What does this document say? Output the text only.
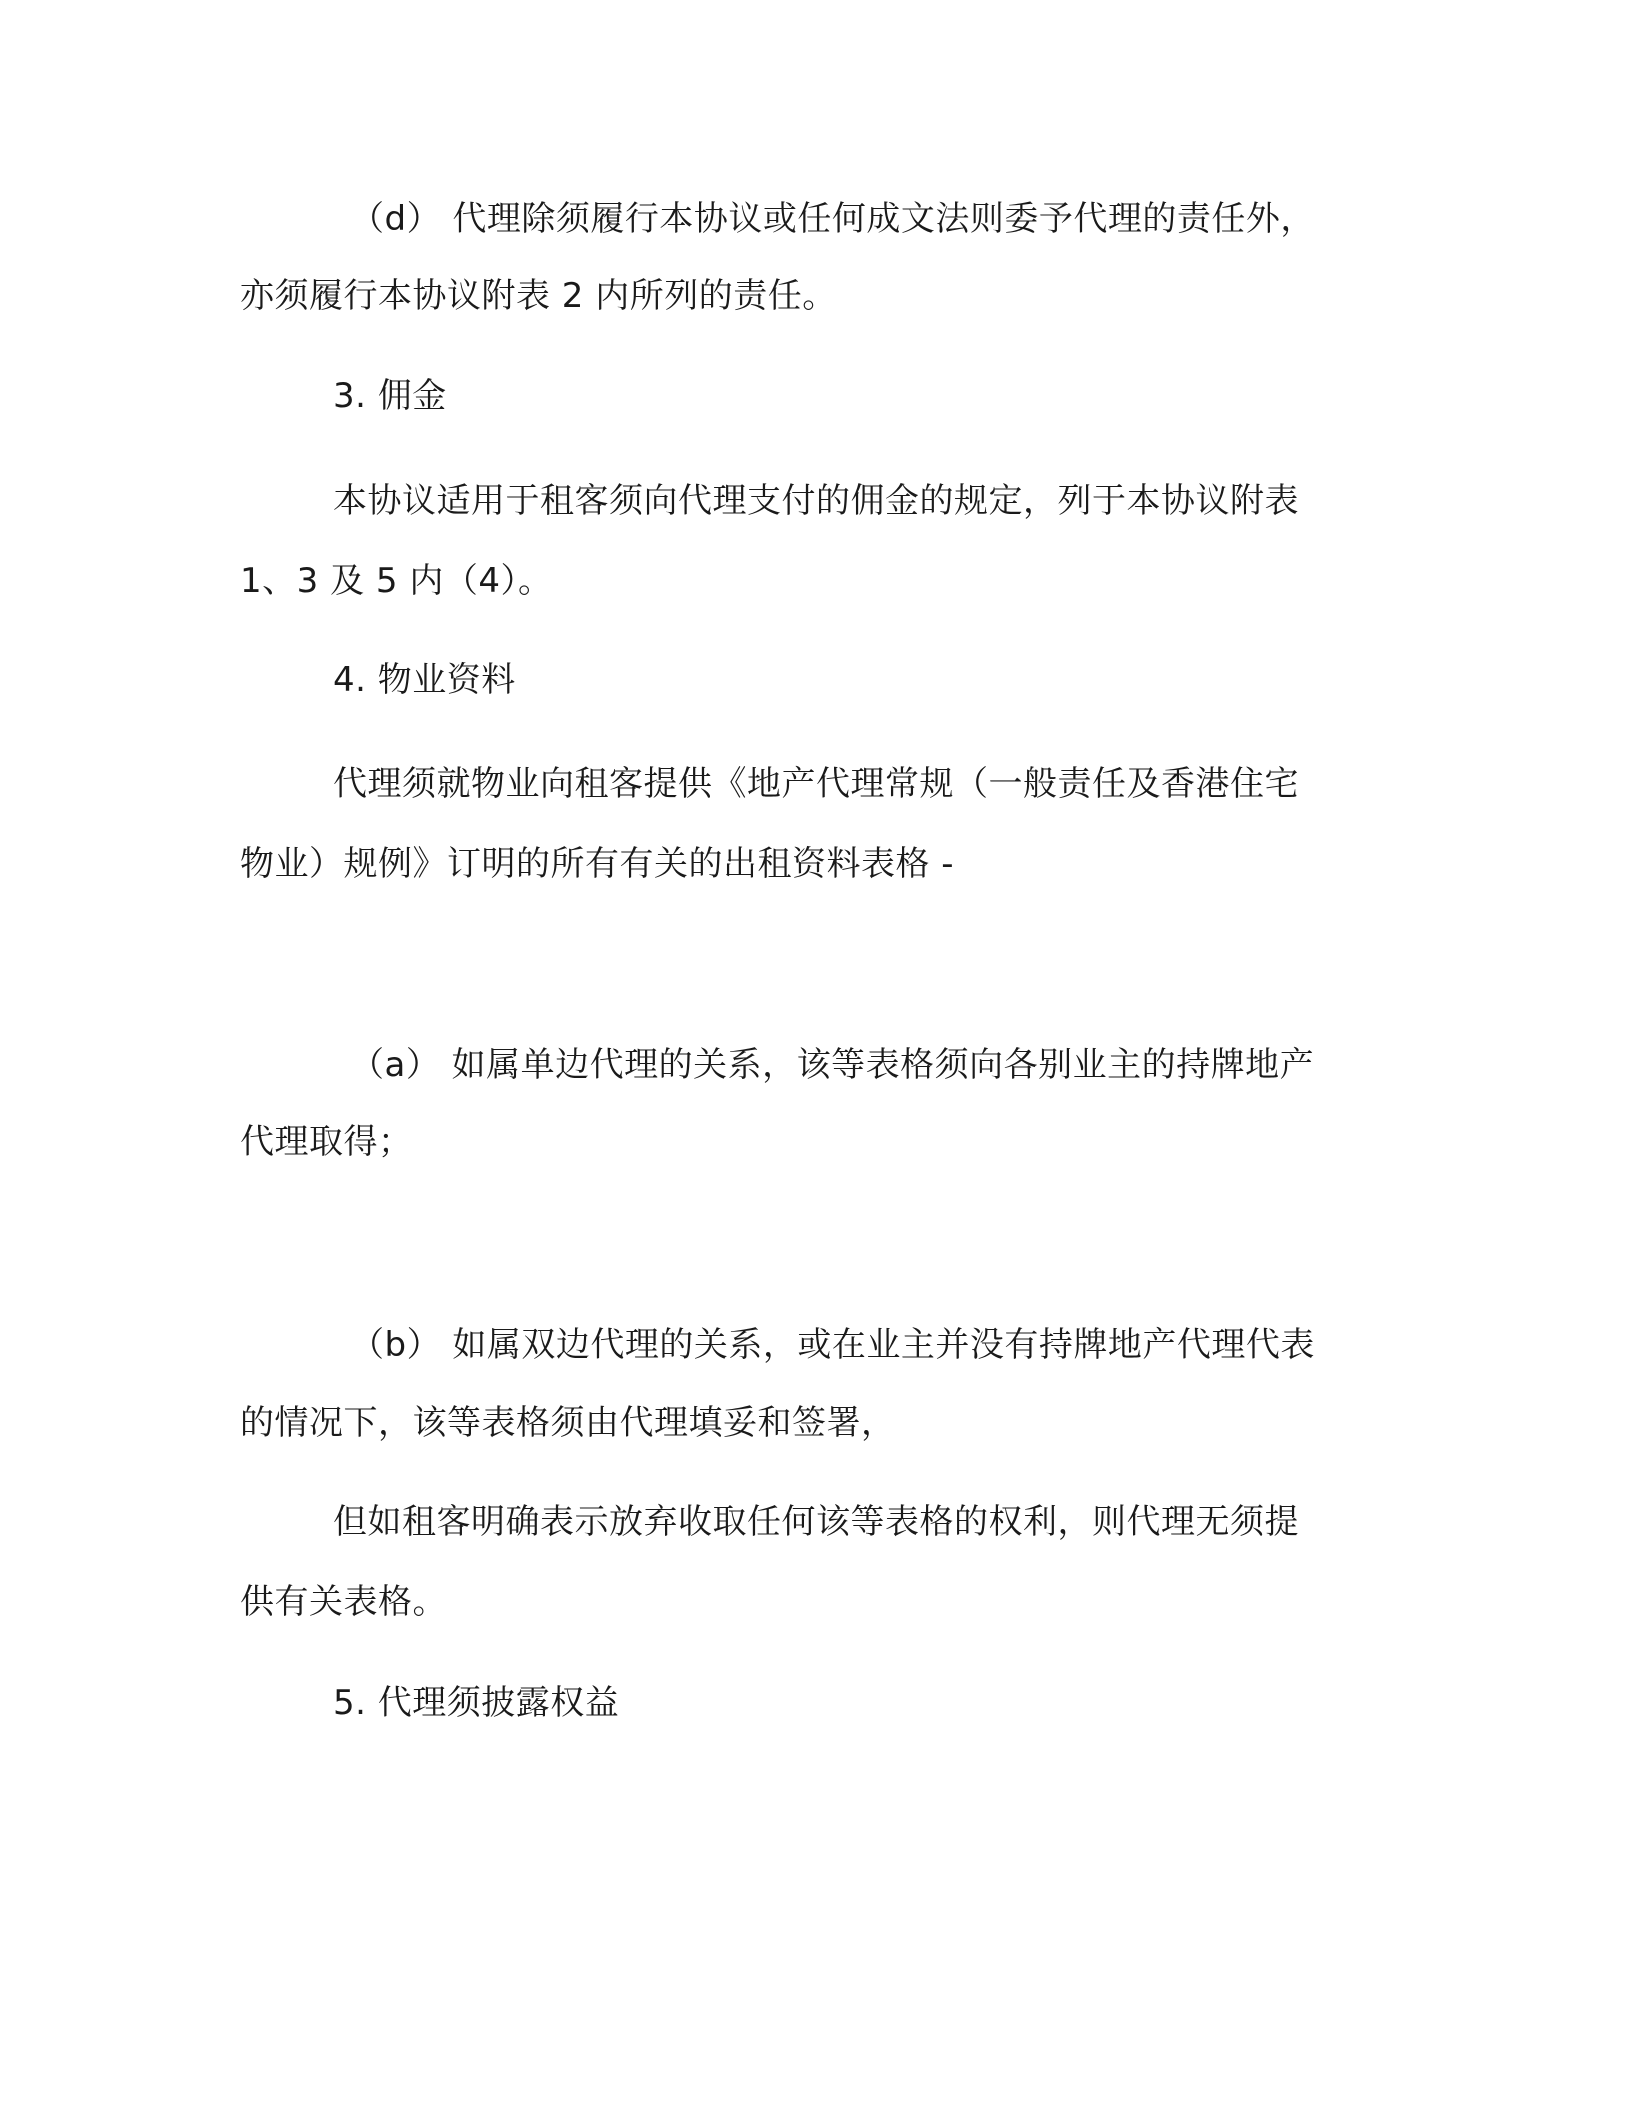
（d） 代理除须履行本协议或任何成文法则委予代理的责任外，
亦须履行本协议附表 2 内所列的责任。
3. 佣金
本协议适用于租客须向代理支付的佣金的规定，列于本协议附表
1、3 及 5 内（4）。
4. 物业资料
代理须就物业向租客提供《地产代理常规（一般责任及香港住宅
物业）规例》订明的所有有关的出租资料表格 -
（a） 如属单边代理的关系，该等表格须向各别业主的持牌地产
代理取得；
（b） 如属双边代理的关系，或在业主并没有持牌地产代理代表
的情况下，该等表格须由代理填妥和签署，
但如租客明确表示放弃收取任何该等表格的权利，则代理无须提
供有关表格。
5. 代理须披露权益
